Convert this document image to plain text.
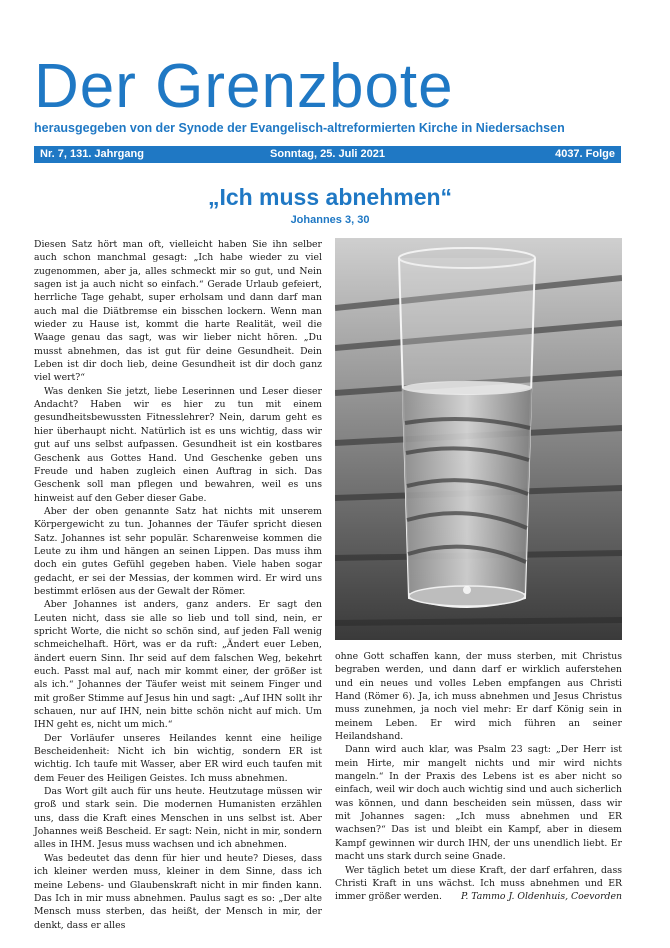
Der Grenzbote
herausgegeben von der Synode der Evangelisch-altreformierten Kirche in Niedersachsen
Nr. 7, 131. Jahrgang	Sonntag, 25. Juli 2021	4037. Folge
„Ich muss abnehmen“
Johannes 3, 30

Diesen Satz hört man oft, vielleicht haben Sie ihn selber auch schon manchmal gesagt: „Ich habe wieder zu viel zugenommen, aber ja, alles schmeckt mir so gut, und Nein sagen ist ja auch nicht so einfach.“ Gerade Urlaub gefeiert, herrliche Tage gehabt, super erholsam und dann darf man auch mal die Diätbremse ein bisschen lockern. Wenn man wieder zu Hause ist, kommt die harte Realität, weil die Waage genau das sagt, was wir lieber nicht hören. „Du musst abnehmen, das ist gut für deine Gesundheit. Dein Leben ist dir doch lieb, deine Gesundheit ist dir doch ganz viel wert?“

Was denken Sie jetzt, liebe Leserinnen und Leser dieser Andacht? Haben wir es hier zu tun mit einem gesundheitsbewussten Fitnesslehrer? Nein, darum geht es hier überhaupt nicht. Natürlich ist es uns wichtig, dass wir gut auf uns selbst aufpassen. Gesundheit ist ein kostbares Geschenk aus Gottes Hand. Und Geschenke geben uns Freude und haben zugleich einen Auftrag in sich. Das Geschenk soll man pflegen und bewahren, weil es uns hinweist auf den Geber dieser Gabe.

Aber der oben genannte Satz hat nichts mit unserem Körpergewicht zu tun. Johannes der Täufer spricht diesen Satz. Johannes ist sehr populär. Scharenweise kommen die Leute zu ihm und hängen an seinen Lippen. Das muss ihm doch ein gutes Gefühl gegeben haben. Viele haben sogar gedacht, er sei der Messias, der kommen wird. Er wird uns bestimmt erlösen aus der Gewalt der Römer.

Aber Johannes ist anders, ganz anders. Er sagt den Leuten nicht, dass sie alle so lieb und toll sind, nein, er spricht Worte, die nicht so schön sind, auf jeden Fall wenig schmeichelhaft. Hört, was er da ruft: „Ändert euer Leben, ändert euern Sinn. Ihr seid auf dem falschen Weg, bekehrt euch. Passt mal auf, nach mir kommt einer, der größer ist als ich.“ Johannes der Täufer weist mit seinem Finger und mit großer Stimme auf Jesus hin und sagt: „Auf IHN sollt ihr schauen, nur auf IHN, nein bitte schön nicht auf mich. Um IHN geht es, nicht um mich.“

Der Vorläufer unseres Heilandes kennt eine heilige Bescheidenheit: Nicht ich bin wichtig, sondern ER ist wichtig. Ich taufe mit Wasser, aber ER wird euch taufen mit dem Feuer des Heiligen Geistes. Ich muss abnehmen.

Das Wort gilt auch für uns heute. Heutzutage müssen wir groß und stark sein. Die modernen Humanisten erzählen uns, dass die Kraft eines Menschen in uns selbst ist. Aber Johannes weiß Bescheid. Er sagt: Nein, nicht in mir, sondern alles in IHM. Jesus muss wachsen und ich abnehmen.

Was bedeutet das denn für hier und heute? Dieses, dass ich kleiner werden muss, kleiner in dem Sinne, dass ich meine Lebens- und Glaubenskraft nicht in mir finden kann. Das Ich in mir muss abnehmen. Paulus sagt es so: „Der alte Mensch muss sterben, das heißt, der Mensch in mir, der denkt, dass er alles

ohne Gott schaffen kann, der muss sterben, mit Christus begraben werden, und dann darf er wirklich auferstehen und ein neues und volles Leben empfangen aus Christi Hand (Römer 6). Ja, ich muss abnehmen und Jesus Christus muss zunehmen, ja noch viel mehr: Er darf König sein in meinem Leben. Er wird mich führen an seiner Heilandshand.

Dann wird auch klar, was Psalm 23 sagt: „Der Herr ist mein Hirte, mir mangelt nichts und mir wird nichts mangeln.“ In der Praxis des Lebens ist es aber nicht so einfach, weil wir doch auch wichtig sind und auch sicherlich was können, und dann bescheiden sein müssen, dass wir mit Johannes sagen: „Ich muss abnehmen und ER wachsen?“ Das ist und bleibt ein Kampf, aber in diesem Kampf gewinnen wir durch IHN, der uns unendlich liebt. Er macht uns stark durch seine Gnade.

Wer täglich betet um diese Kraft, der darf erfahren, dass Christi Kraft in uns wächst. Ich muss abnehmen und ER immer größer werden.	P. Tammo J. Oldenhuis, Coevorden
